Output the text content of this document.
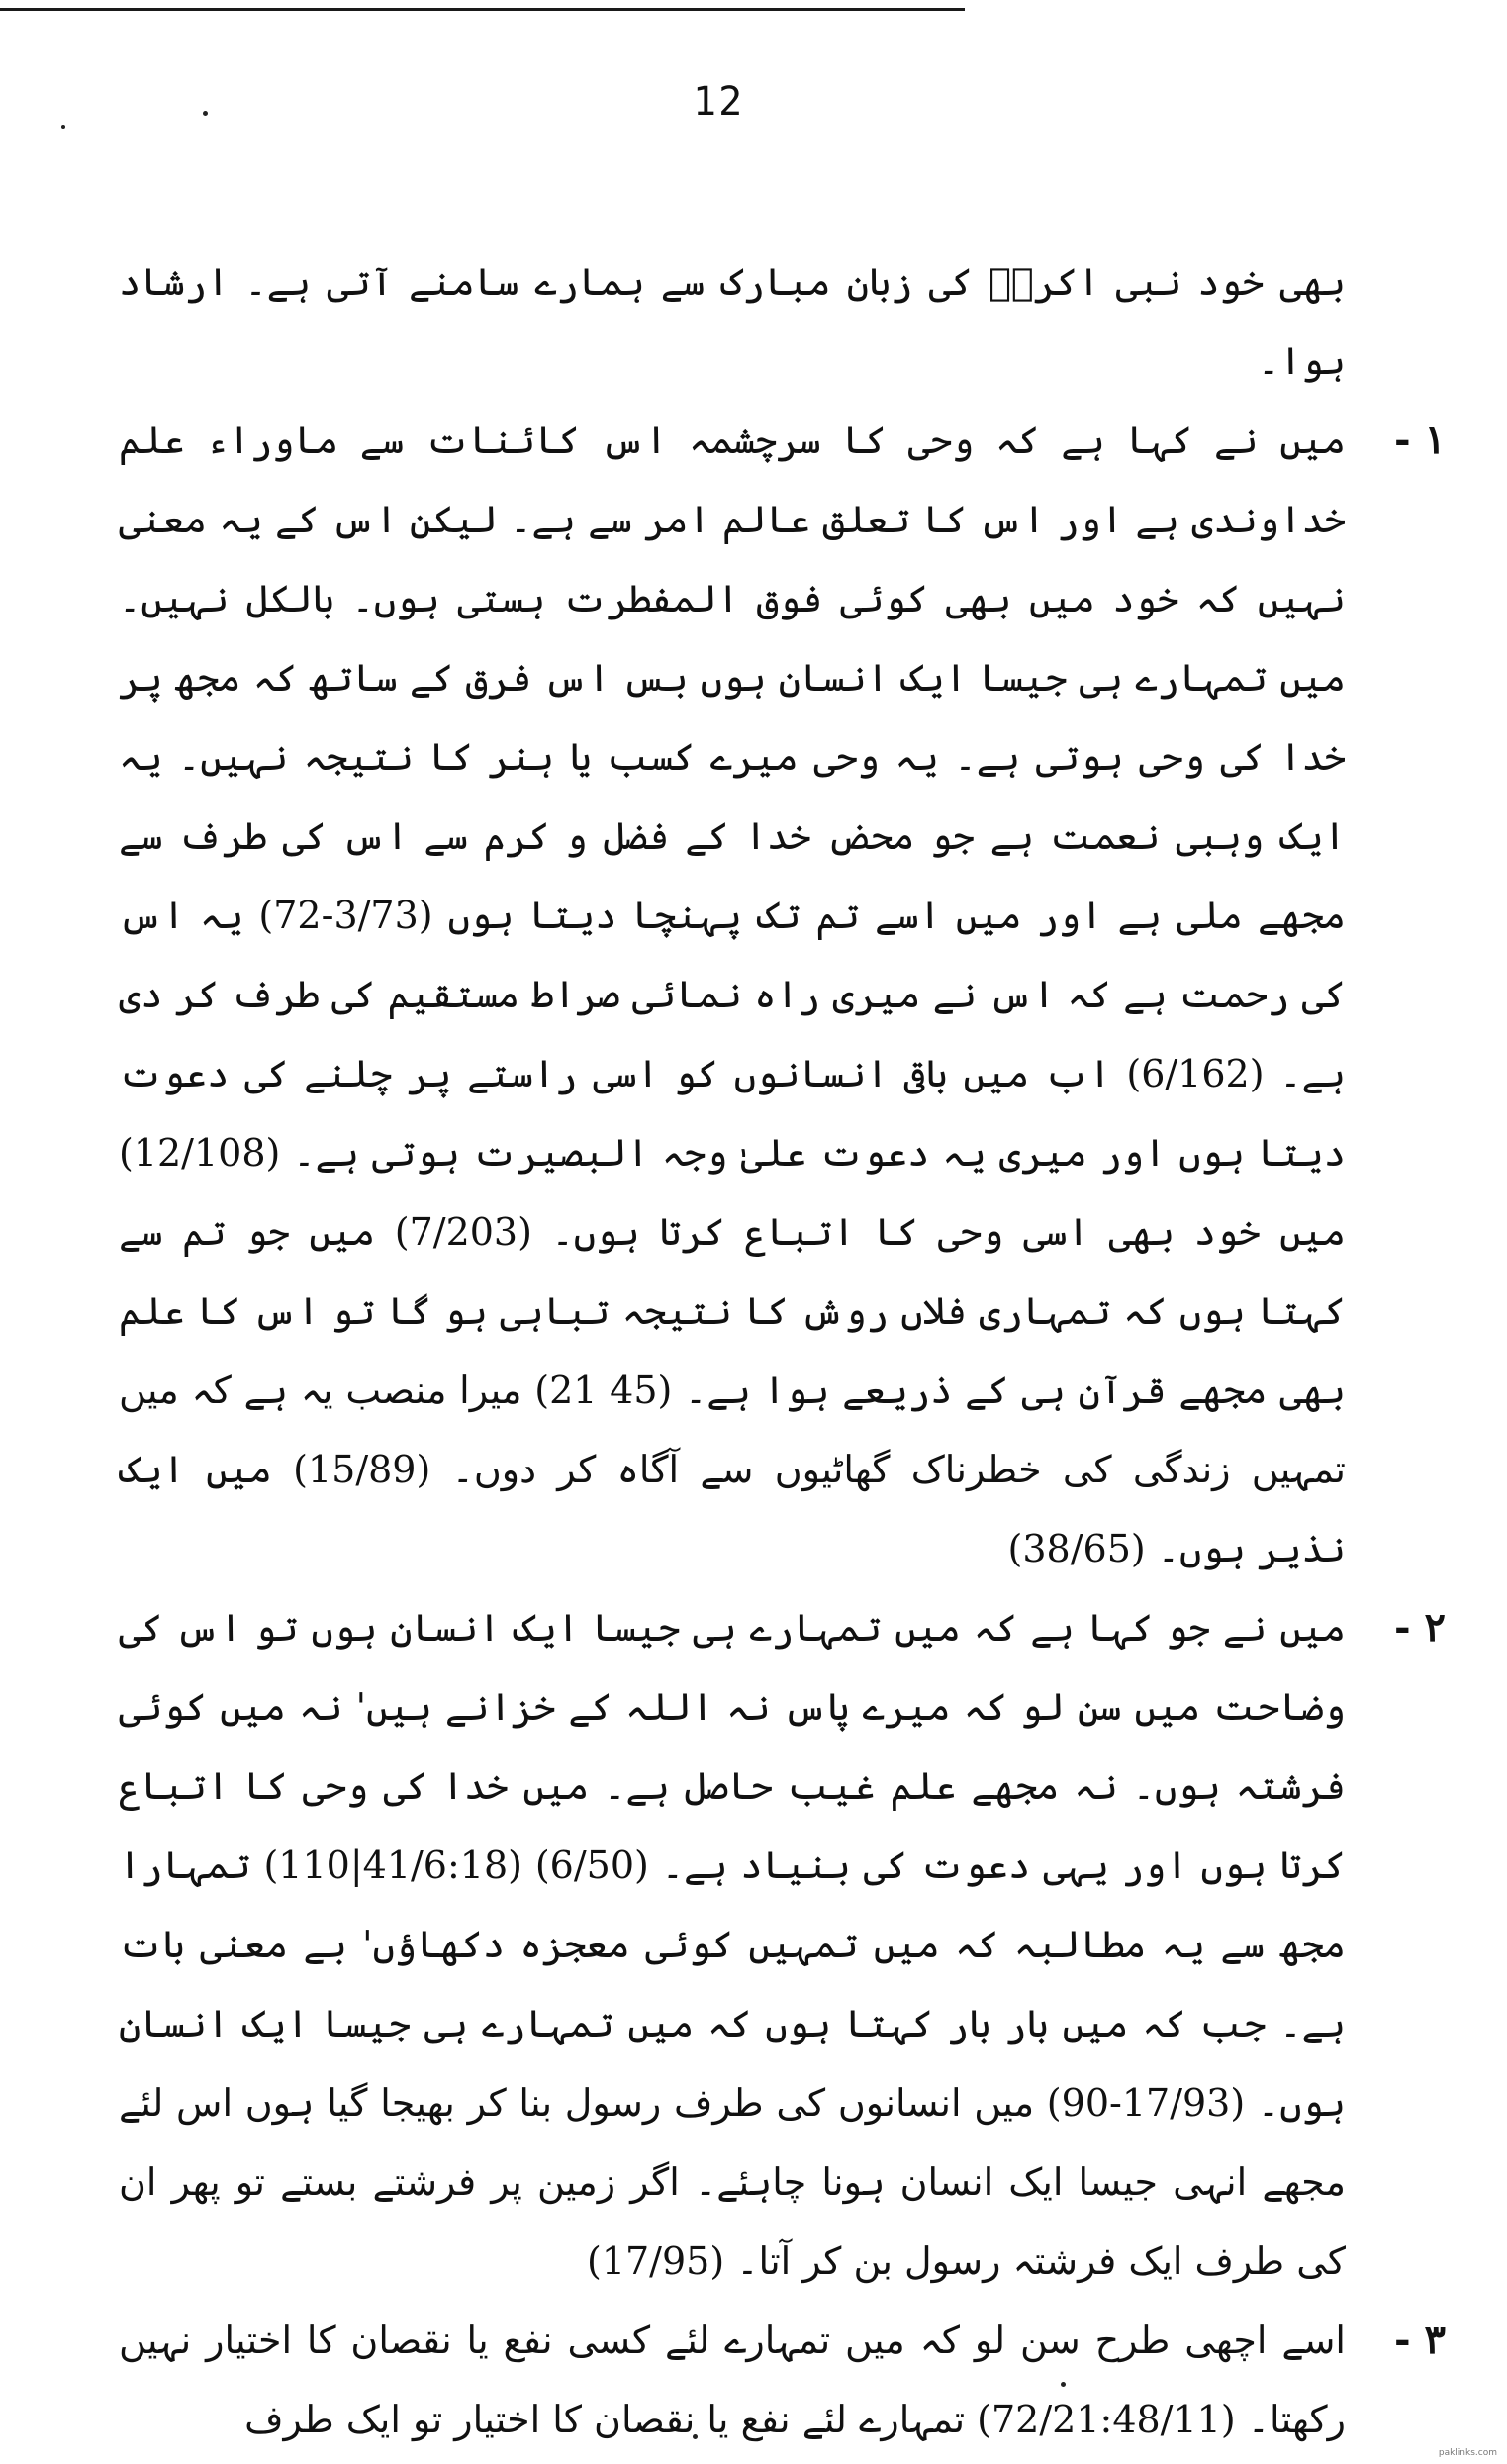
12

بھی خود نبی اکرمؐ کی زبان مبارک سے ہمارے سامنے آتی ہے۔ ارشاد ہوا۔

۱ -

میں نے کہا ہے کہ وحی کا سرچشمہ اس کائنات سے ماوراء علم خداوندی ہے اور اس کا تعلق عالم امر سے ہے۔ لیکن اس کے یہ معنی نہیں کہ خود میں بھی کوئی فوق المفطرت ہستی ہوں۔ بالکل نہیں۔ میں تمہارے ہی جیسا ایک انسان ہوں بس اس فرق کے ساتھ کہ مجھ پر خدا کی وحی ہوتی ہے۔ یہ وحی میرے کسب یا ہنر کا نتیجہ نہیں۔ یہ ایک وہبی نعمت ہے جو محض خدا کے فضل و کرم سے اس کی طرف سے مجھے ملی ہے اور میں اسے تم تک پہنچا دیتا ہوں (3/73-72) یہ اس کی رحمت ہے کہ اس نے میری راہ نمائی صراط مستقیم کی طرف کر دی ہے۔ (6/162) اب میں باقی انسانوں کو اسی راستے پر چلنے کی دعوت دیتا ہوں اور میری یہ دعوت علیٰ وجہ البصیرت ہوتی ہے۔ (12/108) میں خود بھی اسی وحی کا اتباع کرتا ہوں۔ (7/203) میں جو تم سے کہتا ہوں کہ تمہاری فلاں روش کا نتیجہ تباہی ہو گا تو اس کا علم بھی مجھے قرآن ہی کے ذریعے ہوا ہے۔ (45 21) میرا منصب یہ ہے کہ میں تمہیں زندگی کی خطرناک گھاٹیوں سے آگاہ کر دوں۔ (15/89) میں ایک نذیر ہوں۔ (38/65)

۲ -

میں نے جو کہا ہے کہ میں تمہارے ہی جیسا ایک انسان ہوں تو اس کی وضاحت میں سن لو کہ میرے پاس نہ اللہ کے خزانے ہیں' نہ میں کوئی فرشتہ ہوں۔ نہ مجھے علم غیب حاصل ہے۔ میں خدا کی وحی کا اتباع کرتا ہوں اور یہی دعوت کی بنیاد ہے۔ (6/50) (41/6:18|110) تمہارا مجھ سے یہ مطالبہ کہ میں تمہیں کوئی معجزہ دکھاؤں' بے معنی بات ہے۔ جب کہ میں بار بار کہتا ہوں کہ میں تمہارے ہی جیسا ایک انسان ہوں۔ (17/93-90) میں انسانوں کی طرف رسول بنا کر بھیجا گیا ہوں اس لئے مجھے انہی جیسا ایک انسان ہونا چاہئے۔ اگر زمین پر فرشتے بستے تو پھر ان کی طرف ایک فرشتہ رسول بن کر آتا۔ (17/95)

۳ -

اسے اچھی طرح سن لو کہ میں تمہارے لئے کسی نفع یا نقصان کا اختیار نہیں رکھتا۔ (72/21:48/11) تمہارے لئے نفع یا نقصان کا اختیار تو ایک طرف

paklinks.com
